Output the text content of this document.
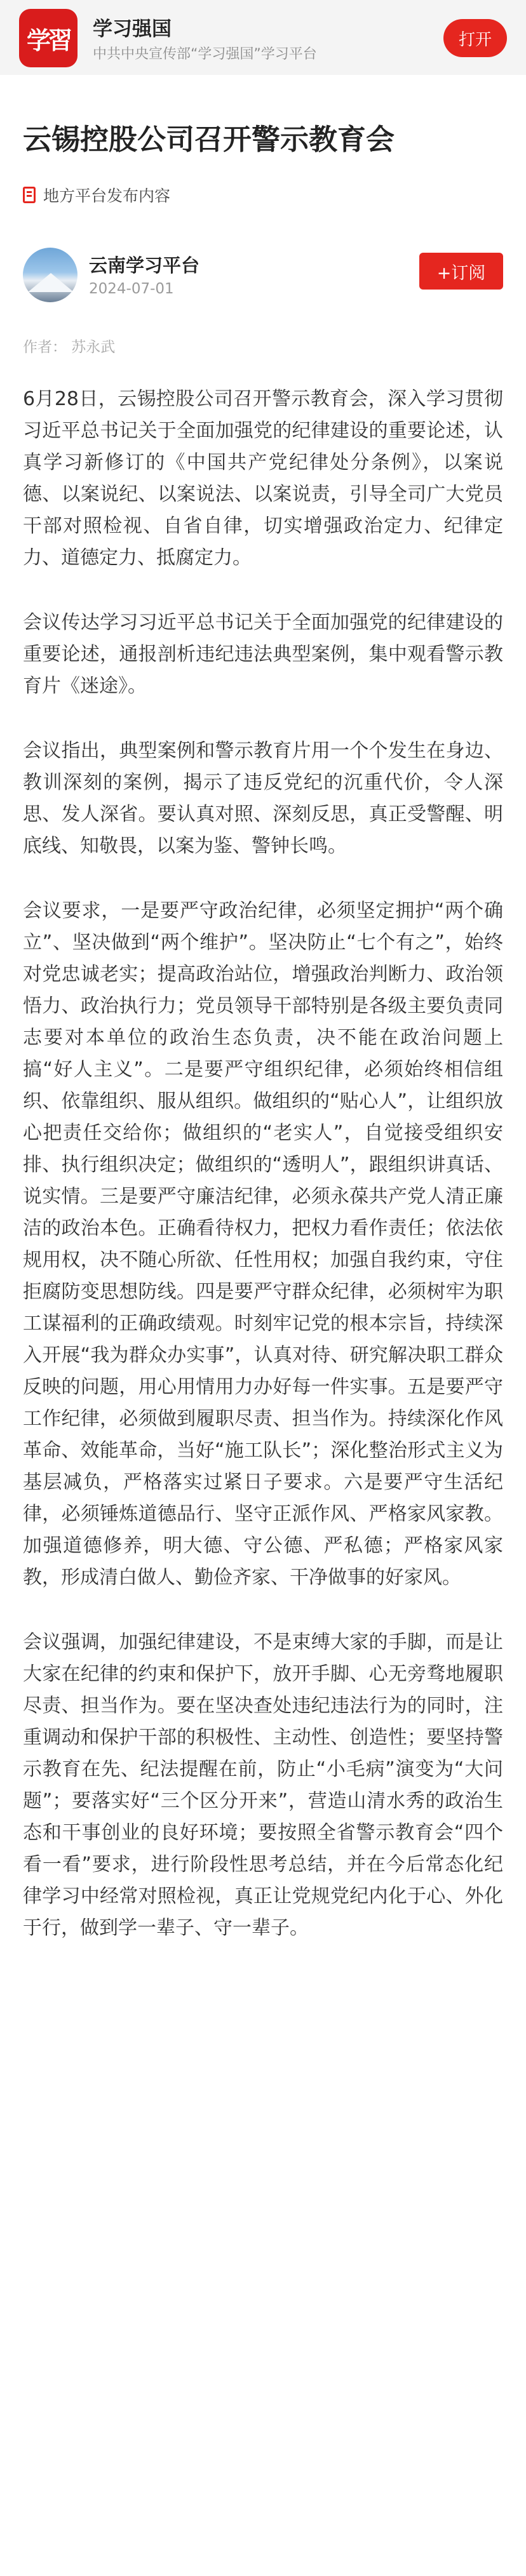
学習	学习强国
中共中央宣传部“学习强国”学习平台
打开
云锡控股公司召开警示教育会
地方平台发布内容
云南学习平台
2024-07-01
+订阅
作者： 苏永武

6月28日，云锡控股公司召开警示教育会，深入学习贯彻习近平总书记关于全面加强党的纪律建设的重要论述，认真学习新修订的《中国共产党纪律处分条例》，以案说德、以案说纪、以案说法、以案说责，引导全司广大党员干部对照检视、自省自律，切实增强政治定力、纪律定力、道德定力、抵腐定力。

会议传达学习习近平总书记关于全面加强党的纪律建设的重要论述，通报剖析违纪违法典型案例，集中观看警示教育片《迷途》。

会议指出，典型案例和警示教育片用一个个发生在身边、教训深刻的案例，揭示了违反党纪的沉重代价，令人深思、发人深省。要认真对照、深刻反思，真正受警醒、明底线、知敬畏，以案为鉴、警钟长鸣。

会议要求，一是要严守政治纪律，必须坚定拥护“两个确立”、坚决做到“两个维护”。坚决防止“七个有之”，始终对党忠诚老实；提高政治站位，增强政治判断力、政治领悟力、政治执行力；党员领导干部特别是各级主要负责同志要对本单位的政治生态负责，决不能在政治问题上搞“好人主义”。二是要严守组织纪律，必须始终相信组织、依靠组织、服从组织。做组织的“贴心人”，让组织放心把责任交给你；做组织的“老实人”，自觉接受组织安排、执行组织决定；做组织的“透明人”，跟组织讲真话、说实情。三是要严守廉洁纪律，必须永葆共产党人清正廉洁的政治本色。正确看待权力，把权力看作责任；依法依规用权，决不随心所欲、任性用权；加强自我约束，守住拒腐防变思想防线。四是要严守群众纪律，必须树牢为职工谋福利的正确政绩观。时刻牢记党的根本宗旨，持续深入开展“我为群众办实事”，认真对待、研究解决职工群众反映的问题，用心用情用力办好每一件实事。五是要严守工作纪律，必须做到履职尽责、担当作为。持续深化作风革命、效能革命，当好“施工队长”；深化整治形式主义为基层减负，严格落实过紧日子要求。六是要严守生活纪律，必须锤炼道德品行、坚守正派作风、严格家风家教。加强道德修养，明大德、守公德、严私德；严格家风家教，形成清白做人、勤俭齐家、干净做事的好家风。

会议强调，加强纪律建设，不是束缚大家的手脚，而是让大家在纪律的约束和保护下，放开手脚、心无旁骛地履职尽责、担当作为。要在坚决查处违纪违法行为的同时，注重调动和保护干部的积极性、主动性、创造性；要坚持警示教育在先、纪法提醒在前，防止“小毛病”演变为“大问题”；要落实好“三个区分开来”，营造山清水秀的政治生态和干事创业的良好环境；要按照全省警示教育会“四个看一看”要求，进行阶段性思考总结，并在今后常态化纪律学习中经常对照检视，真正让党规党纪内化于心、外化于行，做到学一辈子、守一辈子。
